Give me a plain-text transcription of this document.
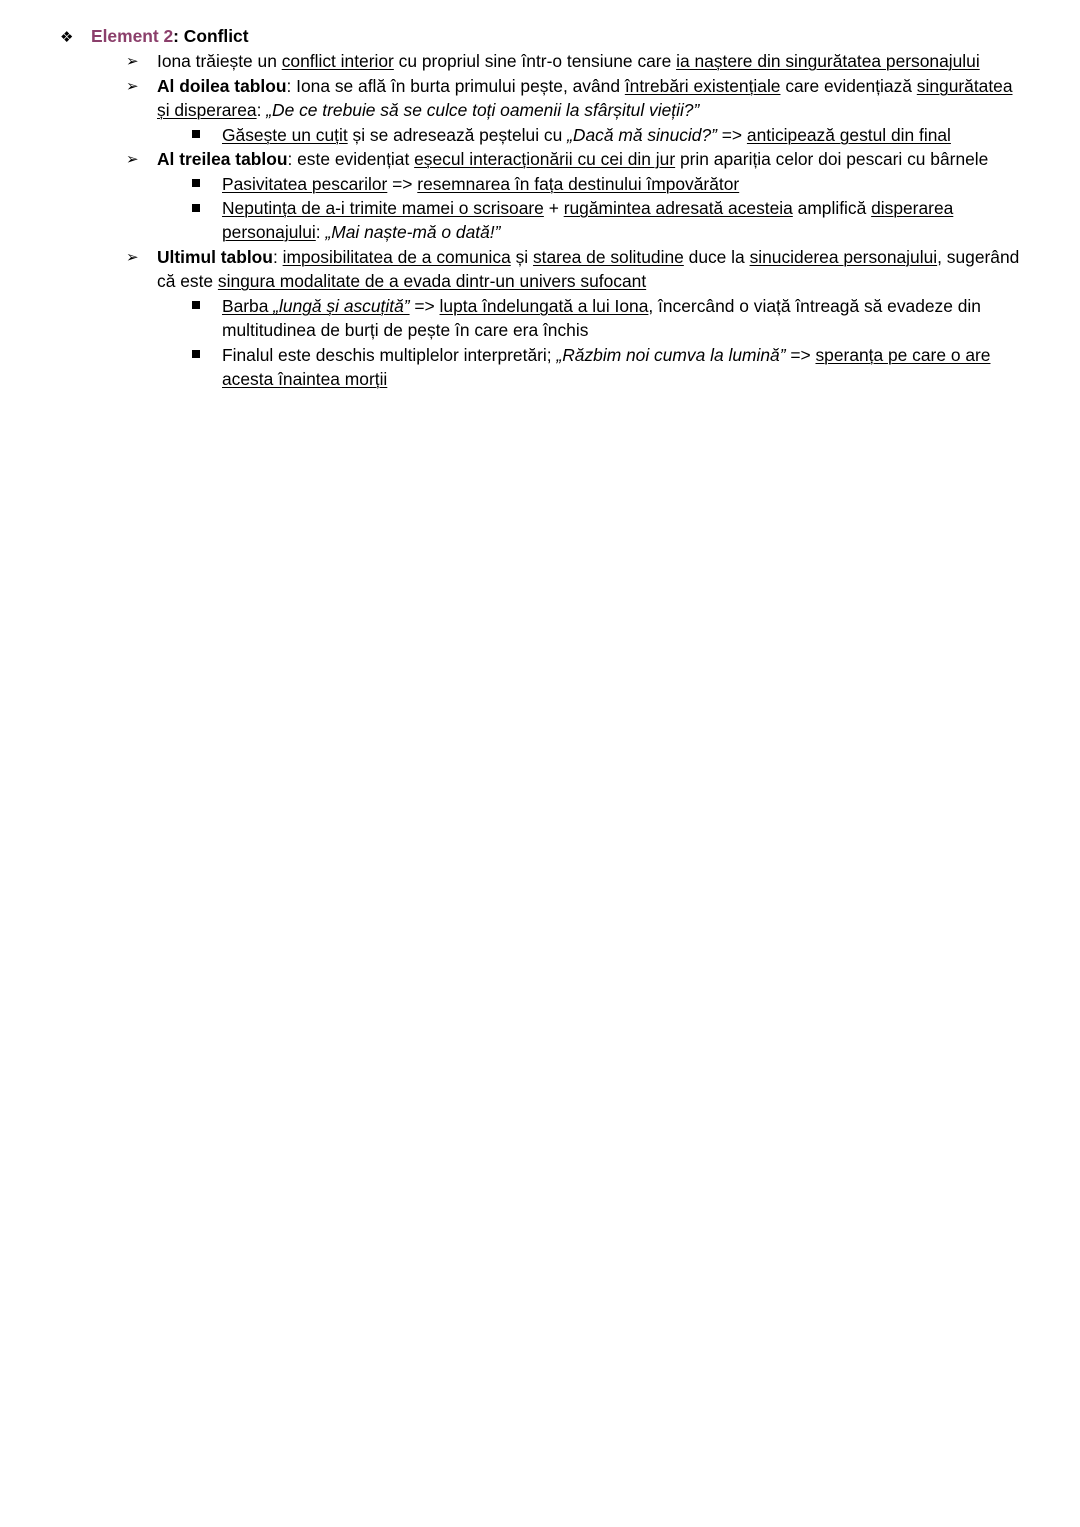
❖ Element 2: Conflict
➢ Iona trăiește un conflict interior cu propriul sine într-o tensiune care ia naștere din singurătatea personajului
➢ Al doilea tablou: Iona se află în burta primului pește, având întrebări existențiale care evidențiază singurătatea
și disperarea: „De ce trebuie să se culce toți oamenii la sfârșitul vieții?”
Găsește un cuțit și se adresează peștelui cu „Dacă mă sinucid?” => anticipează gestul din final
➢ Al treilea tablou: este evidențiat eșecul interacționării cu cei din jur prin apariția celor doi pescari cu bârnele
Pasivitatea pescarilor => resemnarea în fața destinului împovărător
Neputința de a-i trimite mamei o scrisoare + rugămintea adresată acesteia amplifică disperarea
personajului: „Mai naște-mă o dată!”
➢ Ultimul tablou: imposibilitatea de a comunica și starea de solitudine duce la sinuciderea personajului, sugerând
că este singura modalitate de a evada dintr-un univers sufocant
Barba „lungă și ascuțită” => lupta îndelungată a lui Iona, încercând o viață întreagă să evadeze din
multitudinea de burți de pește în care era închis
Finalul este deschis multiplelor interpretări; „Răzbim noi cumva la lumină” => speranța pe care o are
acesta înaintea morții
